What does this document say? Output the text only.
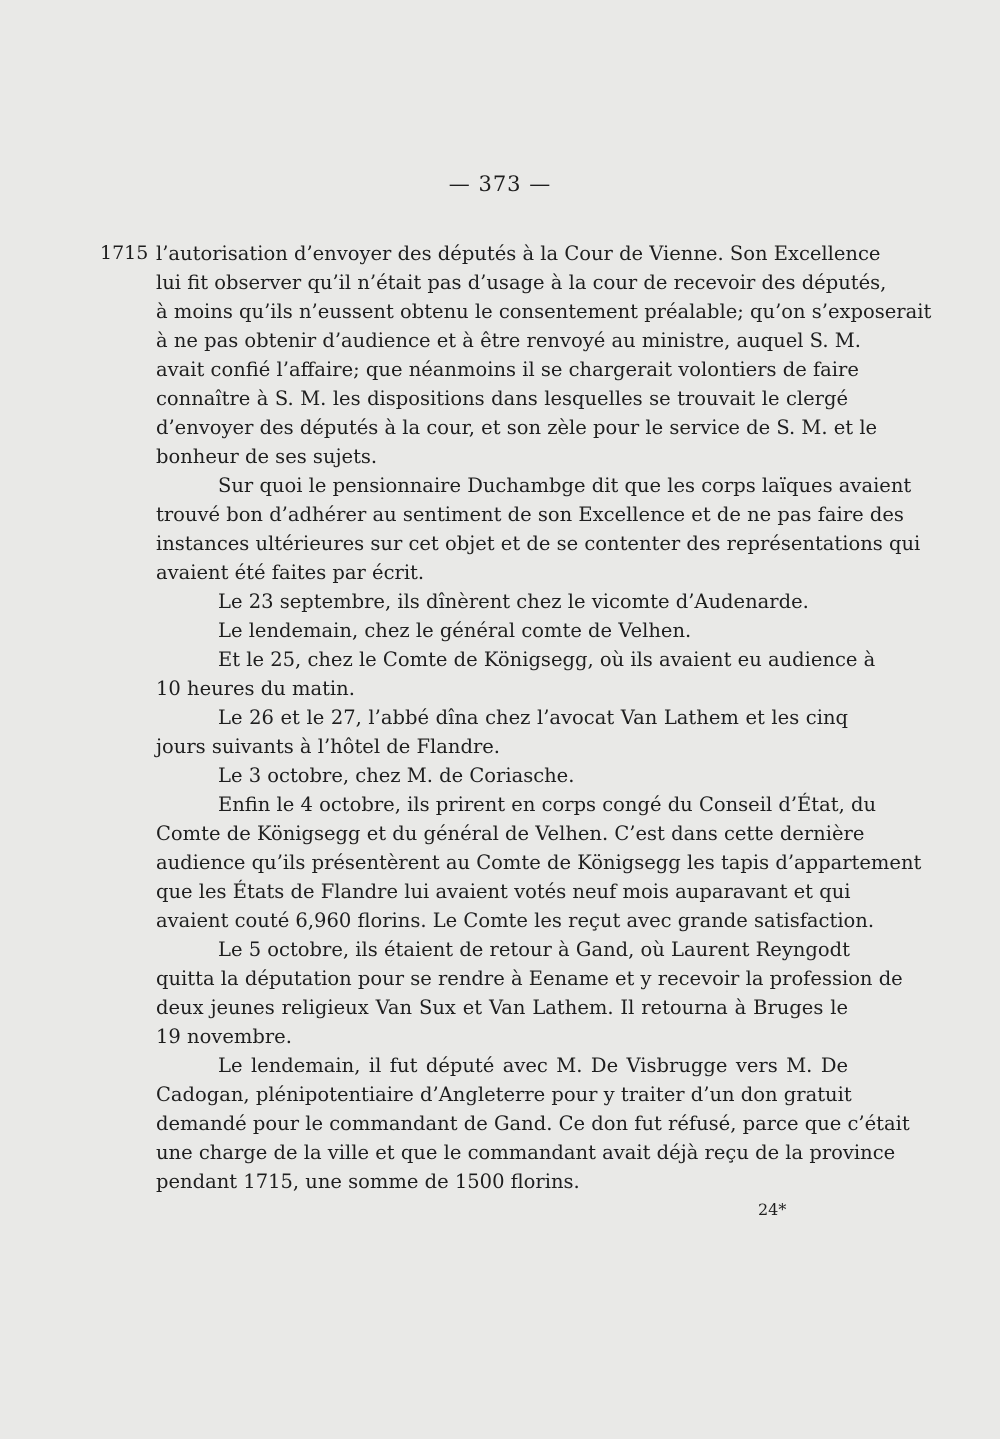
— 373 —
1715 l’autorisation d’envoyer des députés à la Cour de Vienne. Son Excellence
lui fit observer qu’il n’était pas d’usage à la cour de recevoir des députés,
à moins qu’ils n’eussent obtenu le consentement préalable; qu’on s’exposerait
à ne pas obtenir d’audience et à être renvoyé au ministre, auquel S. M.
avait confié l’affaire; que néanmoins il se chargerait volontiers de faire
connaître à S. M. les dispositions dans lesquelles se trouvait le clergé
d’envoyer des députés à la cour, et son zèle pour le service de S. M. et le
bonheur de ses sujets.
Sur quoi le pensionnaire Duchambge dit que les corps laïques avaient
trouvé bon d’adhérer au sentiment de son Excellence et de ne pas faire des
instances ultérieures sur cet objet et de se contenter des représentations qui
avaient été faites par écrit.
Le 23 septembre, ils dînèrent chez le vicomte d’Audenarde.
Le lendemain, chez le général comte de Velhen.
Et le 25, chez le Comte de Königsegg, où ils avaient eu audience à
10 heures du matin.
Le 26 et le 27, l’abbé dîna chez l’avocat Van Lathem et les cinq
jours suivants à l’hôtel de Flandre.
Le 3 octobre, chez M. de Coriasche.
Enfin le 4 octobre, ils prirent en corps congé du Conseil d’État, du
Comte de Königsegg et du général de Velhen. C’est dans cette dernière
audience qu’ils présentèrent au Comte de Königsegg les tapis d’appartement
que les États de Flandre lui avaient votés neuf mois auparavant et qui
avaient couté 6,960 florins. Le Comte les reçut avec grande satisfaction.
Le 5 octobre, ils étaient de retour à Gand, où Laurent Reyngodt
quitta la députation pour se rendre à Eename et y recevoir la profession de
deux jeunes religieux Van Sux et Van Lathem. Il retourna à Bruges le
19 novembre.
Le lendemain, il fut député avec M. De Visbrugge vers M. De
Cadogan, plénipotentiaire d’Angleterre pour y traiter d’un don gratuit
demandé pour le commandant de Gand. Ce don fut réfusé, parce que c’était
une charge de la ville et que le commandant avait déjà reçu de la province
pendant 1715, une somme de 1500 florins.
24*
